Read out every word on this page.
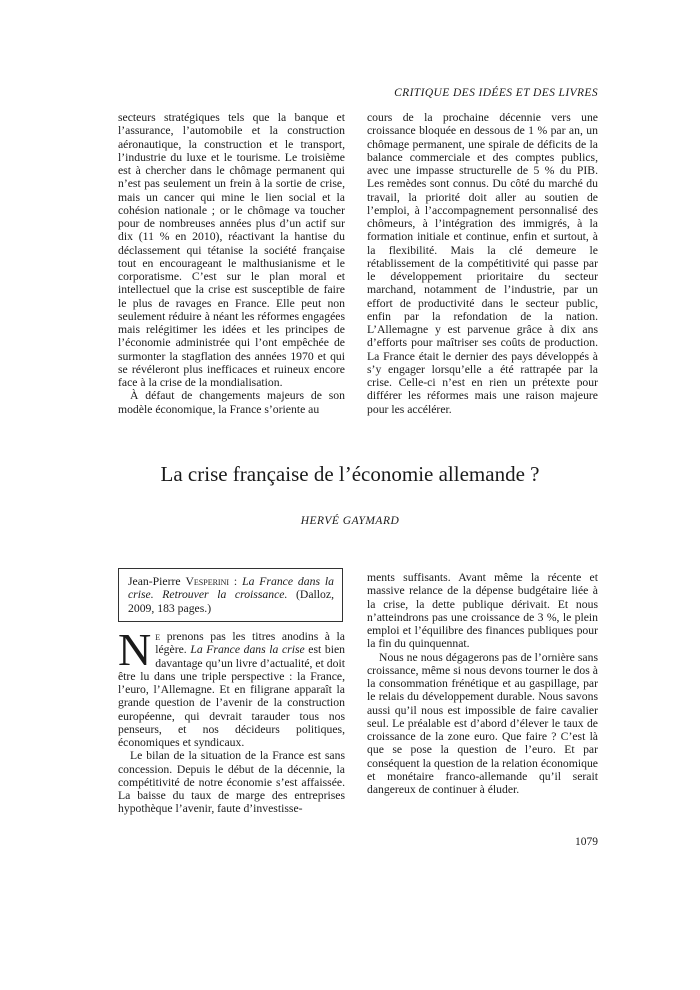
CRITIQUE DES IDÉES ET DES LIVRES

secteurs stratégiques tels que la banque et l’assurance, l’automobile et la construction aéronautique, la construction et le transport, l’industrie du luxe et le tourisme. Le troisième est à chercher dans le chômage permanent qui n’est pas seulement un frein à la sortie de crise, mais un cancer qui mine le lien social et la cohésion nationale ; or le chômage va toucher pour de nombreuses années plus d’un actif sur dix (11 % en 2010), réactivant la hantise du déclassement qui tétanise la société française tout en encourageant le malthusianisme et le corporatisme. C’est sur le plan moral et intellectuel que la crise est susceptible de faire le plus de ravages en France. Elle peut non seulement réduire à néant les réformes engagées mais relégitimer les idées et les principes de l’économie administrée qui l’ont empêchée de surmonter la stagflation des années 1970 et qui se révéleront plus inefficaces et ruineux encore face à la crise de la mondialisation.

À défaut de changements majeurs de son modèle économique, la France s’oriente au

cours de la prochaine décennie vers une croissance bloquée en dessous de 1 % par an, un chômage permanent, une spirale de déficits de la balance commerciale et des comptes publics, avec une impasse structurelle de 5 % du PIB. Les remèdes sont connus. Du côté du marché du travail, la priorité doit aller au soutien de l’emploi, à l’accompagnement personnalisé des chômeurs, à l’intégration des immigrés, à la formation initiale et continue, enfin et surtout, à la flexibilité. Mais la clé demeure le rétablissement de la compétitivité qui passe par le développement prioritaire du secteur marchand, notamment de l’industrie, par un effort de productivité dans le secteur public, enfin par la refondation de la nation. L’Allemagne y est parvenue grâce à dix ans d’efforts pour maîtriser ses coûts de production. La France était le dernier des pays développés à s’y engager lorsqu’elle a été rattrapée par la crise. Celle-ci n’est en rien un prétexte pour différer les réformes mais une raison majeure pour les accélérer.

La crise française de l’économie allemande ?
HERVÉ GAYMARD
Jean-Pierre Vesperini : La France dans la crise. Retrouver la croissance. (Dalloz, 2009, 183 pages.)

Ne prenons pas les titres anodins à la légère. La France dans la crise est bien davantage qu’un livre d’actualité, et doit être lu dans une triple perspective : la France, l’euro, l’Allemagne. Et en filigrane apparaît la grande question de l’avenir de la construction européenne, qui devrait tarauder tous nos penseurs, et nos décideurs politiques, économiques et syndicaux.

Le bilan de la situation de la France est sans concession. Depuis le début de la décennie, la compétitivité de notre économie s’est affaissée. La baisse du taux de marge des entreprises hypothèque l’avenir, faute d’investisse-

ments suffisants. Avant même la récente et massive relance de la dépense budgétaire liée à la crise, la dette publique dérivait. Et nous n’atteindrons pas une croissance de 3 %, le plein emploi et l’équilibre des finances publiques pour la fin du quinquennat.

Nous ne nous dégagerons pas de l’ornière sans croissance, même si nous devons tourner le dos à la consommation frénétique et au gaspillage, par le relais du développement durable. Nous savons aussi qu’il nous est impossible de faire cavalier seul. Le préalable est d’abord d’élever le taux de croissance de la zone euro. Que faire ? C’est là que se pose la question de l’euro. Et par conséquent la question de la relation économique et monétaire franco-allemande qu’il serait dangereux de continuer à éluder.

1079
